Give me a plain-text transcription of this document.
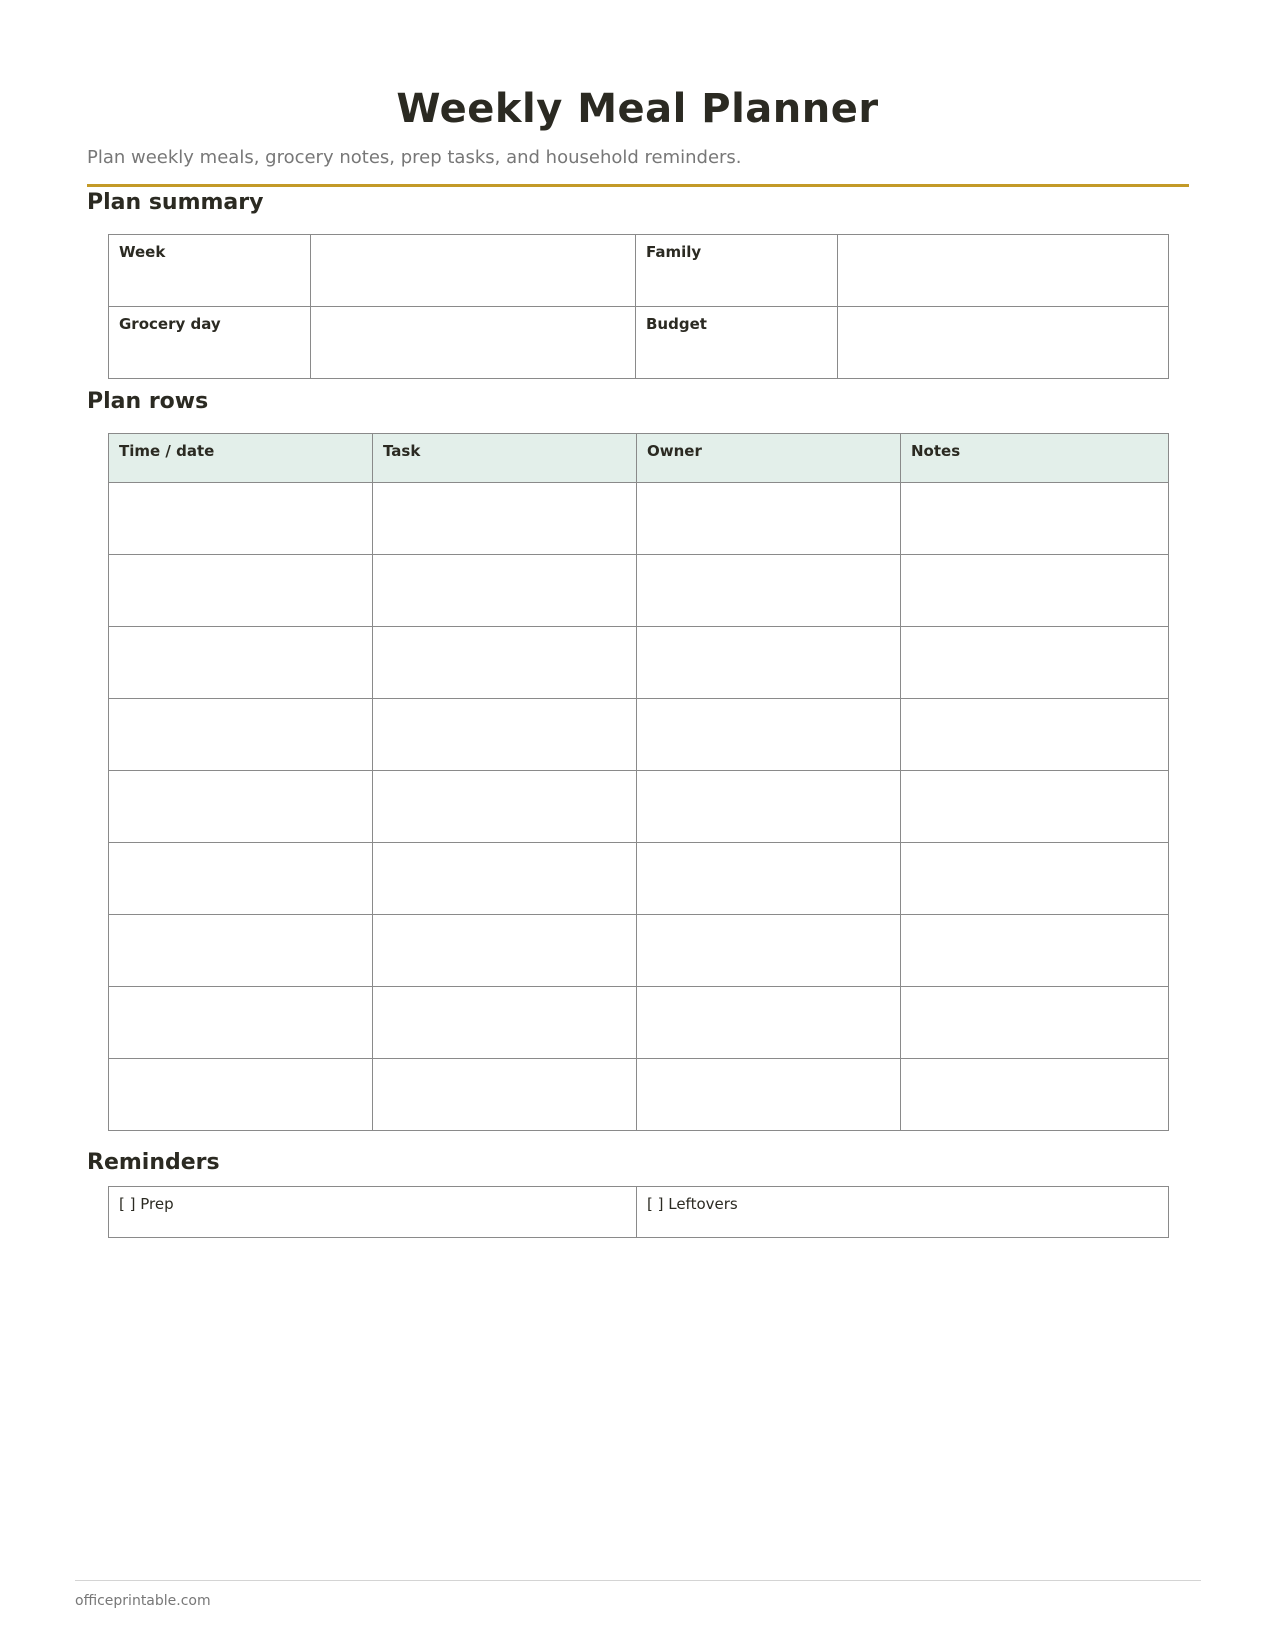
Weekly Meal Planner
Plan weekly meals, grocery notes, prep tasks, and household reminders.
Plan summary
Week		Family	

Grocery day		Budget	

Plan rows
Time / date	Task	Owner	Notes

Reminders
[ ] Prep	[ ] Leftovers
officeprintable.com
